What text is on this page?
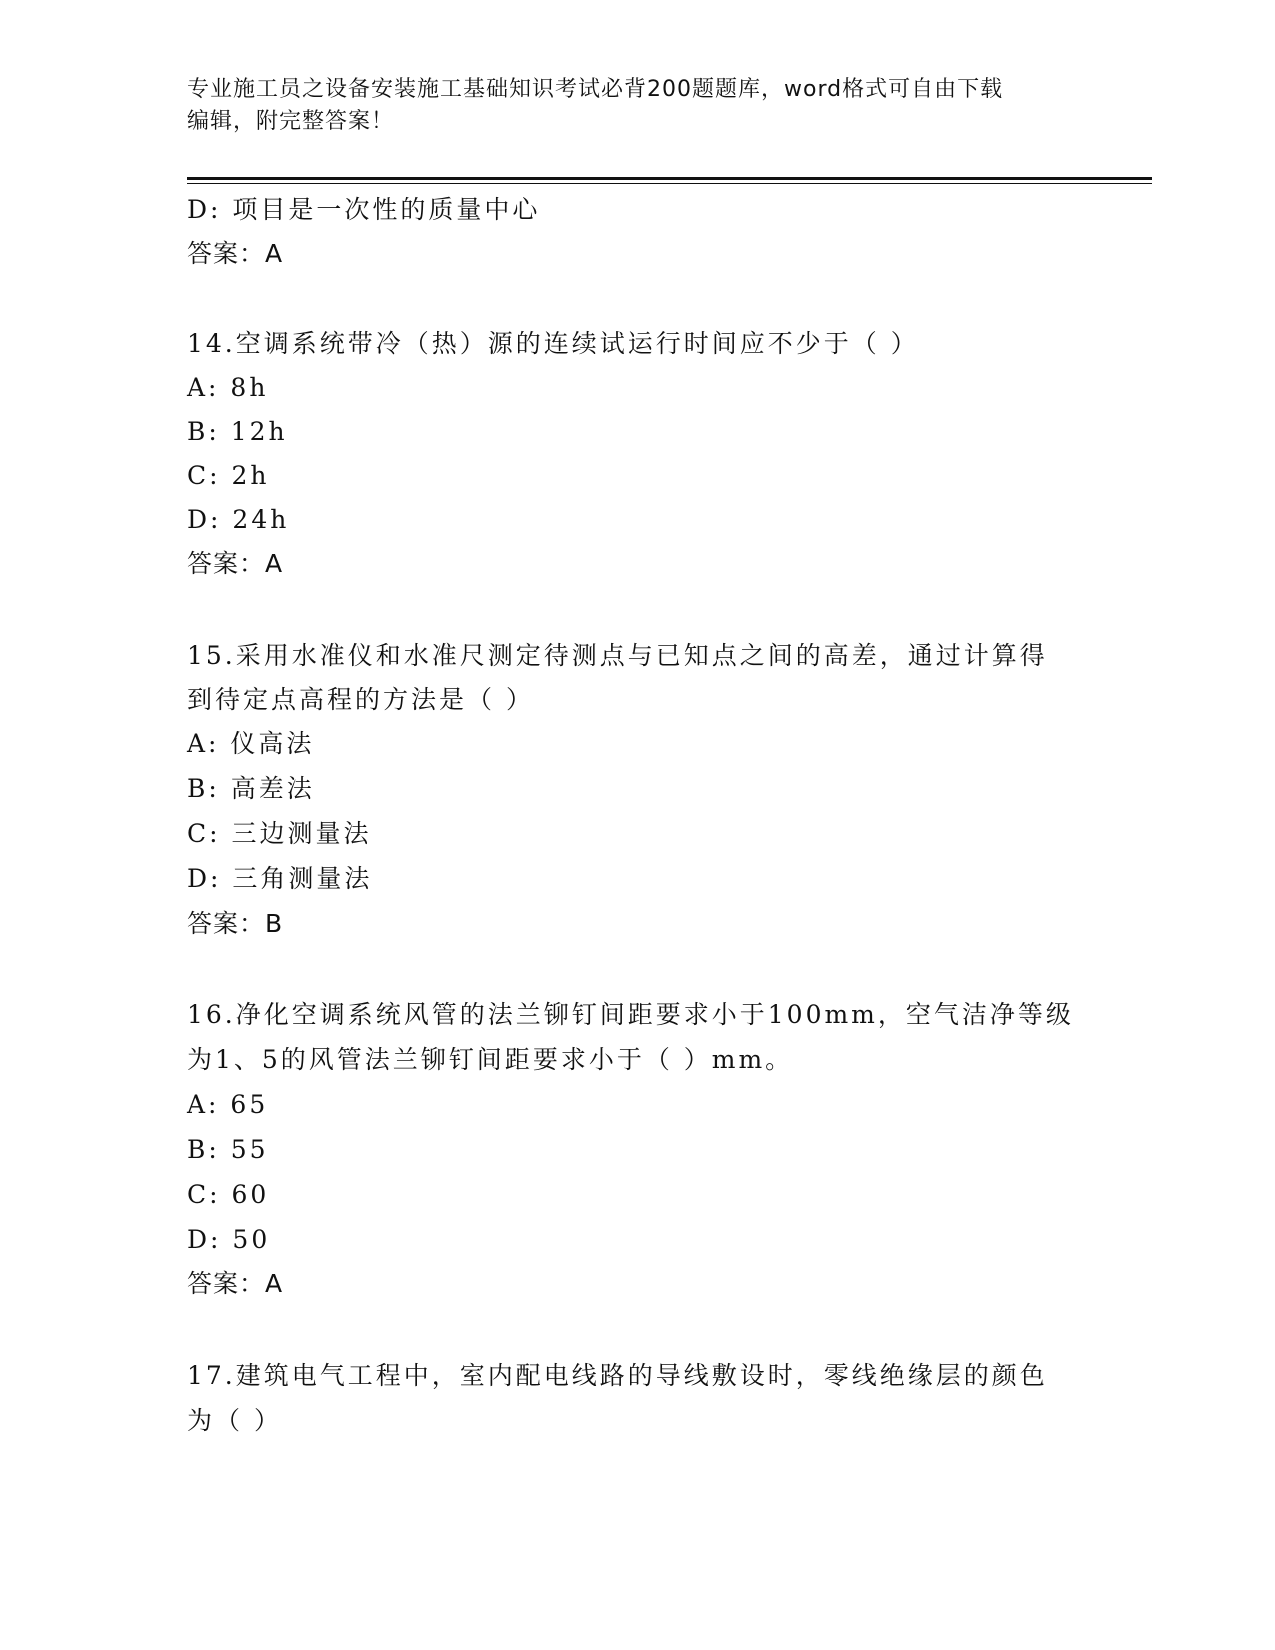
专业施工员之设备安装施工基础知识考试必背200题题库，word格式可自由下载
编辑，附完整答案！
D: 项目是一次性的质量中心
答案：A
14.空调系统带冷（热）源的连续试运行时间应不少于（ ）
A: 8h
B: 12h
C: 2h
D: 24h
答案：A
15.采用水准仪和水准尺测定待测点与已知点之间的高差，通过计算得
到待定点高程的方法是（ ）
A: 仪高法
B: 高差法
C: 三边测量法
D: 三角测量法
答案：B
16.净化空调系统风管的法兰铆钉间距要求小于100mm，空气洁净等级
为1、5的风管法兰铆钉间距要求小于（ ）mm。
A: 65
B: 55
C: 60
D: 50
答案：A
17.建筑电气工程中，室内配电线路的导线敷设时，零线绝缘层的颜色
为（ ）
